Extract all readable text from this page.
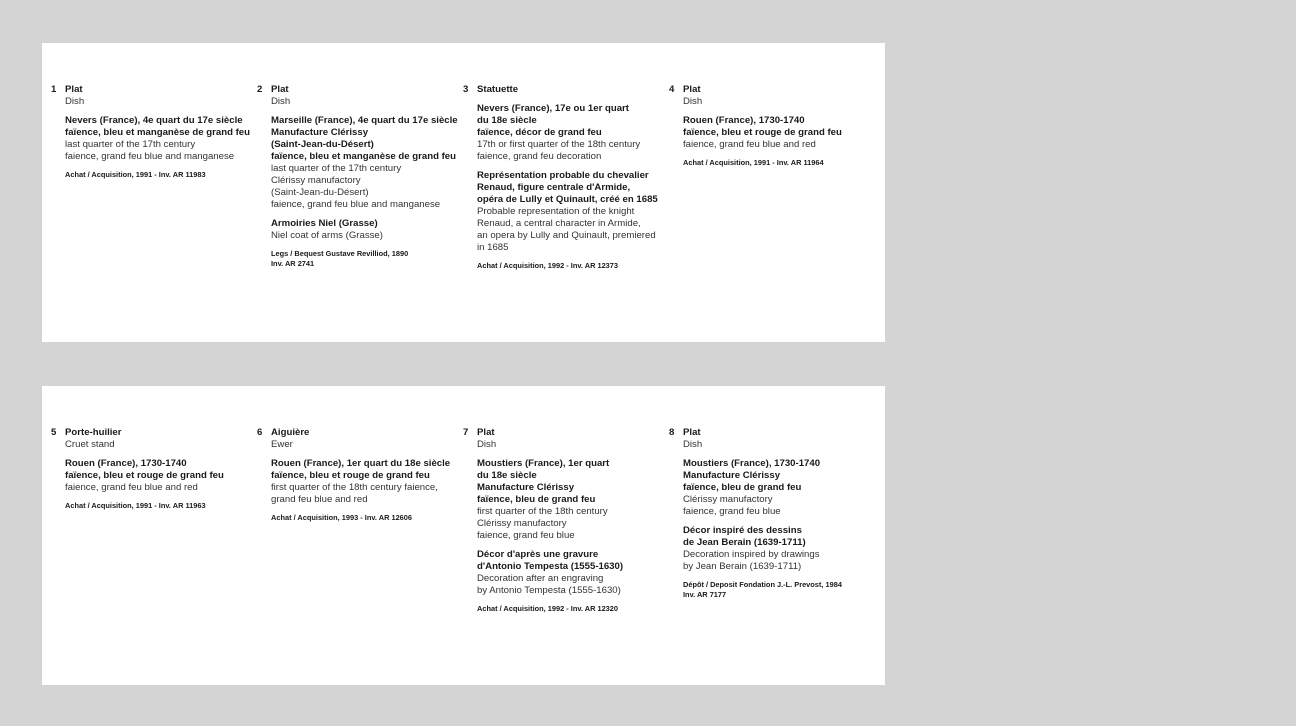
1 Plat
Dish
Nevers (France), 4e quart du 17e siècle
faïence, bleu et manganèse de grand feu
last quarter of the 17th century
faience, grand feu blue and manganese
Achat / Acquisition, 1991 - Inv. AR 11983
2 Plat
Dish
Marseille (France), 4e quart du 17e siècle
Manufacture Clérissy
(Saint-Jean-du-Désert)
faïence, bleu et manganèse de grand feu
last quarter of the 17th century
Clérissy manufactory
(Saint-Jean-du-Désert)
faience, grand feu blue and manganese
Armoiries Niel (Grasse)
Niel coat of arms (Grasse)
Legs / Bequest Gustave Revilliod, 1890
Inv. AR 2741
3 Statuette
Nevers (France), 17e ou 1er quart
du 18e siècle
faïence, décor de grand feu
17th or first quarter of the 18th century
faience, grand feu decoration
Représentation probable du chevalier
Renaud, figure centrale d'Armide,
opéra de Lully et Quinault, créé en 1685
Probable representation of the knight
Renaud, a central character in Armide,
an opera by Lully and Quinault, premiered
in 1685
Achat / Acquisition, 1992 - Inv. AR 12373
4 Plat
Dish
Rouen (France), 1730-1740
faïence, bleu et rouge de grand feu
faience, grand feu blue and red
Achat / Acquisition, 1991 - Inv. AR 11964
5 Porte-huilier
Cruet stand
Rouen (France), 1730-1740
faïence, bleu et rouge de grand feu
faience, grand feu blue and red
Achat / Acquisition, 1991 - Inv. AR 11963
6 Aiguière
Ewer
Rouen (France), 1er quart du 18e siècle
faïence, bleu et rouge de grand feu
first quarter of the 18th century faience,
grand feu blue and red
Achat / Acquisition, 1993 - Inv. AR 12606
7 Plat
Dish
Moustiers (France), 1er quart
du 18e siècle
Manufacture Clérissy
faïence, bleu de grand feu
first quarter of the 18th century
Clérissy manufactory
faience, grand feu blue
Décor d'après une gravure
d'Antonio Tempesta (1555-1630)
Decoration after an engraving
by Antonio Tempesta (1555-1630)
Achat / Acquisition, 1992 - Inv. AR 12320
8 Plat
Dish
Moustiers (France), 1730-1740
Manufacture Clérissy
faïence, bleu de grand feu
Clérissy manufactory
faience, grand feu blue
Décor inspiré des dessins
de Jean Berain (1639-1711)
Decoration inspired by drawings
by Jean Berain (1639-1711)
Dépôt / Deposit Fondation J.-L. Prevost, 1984
Inv. AR 7177
